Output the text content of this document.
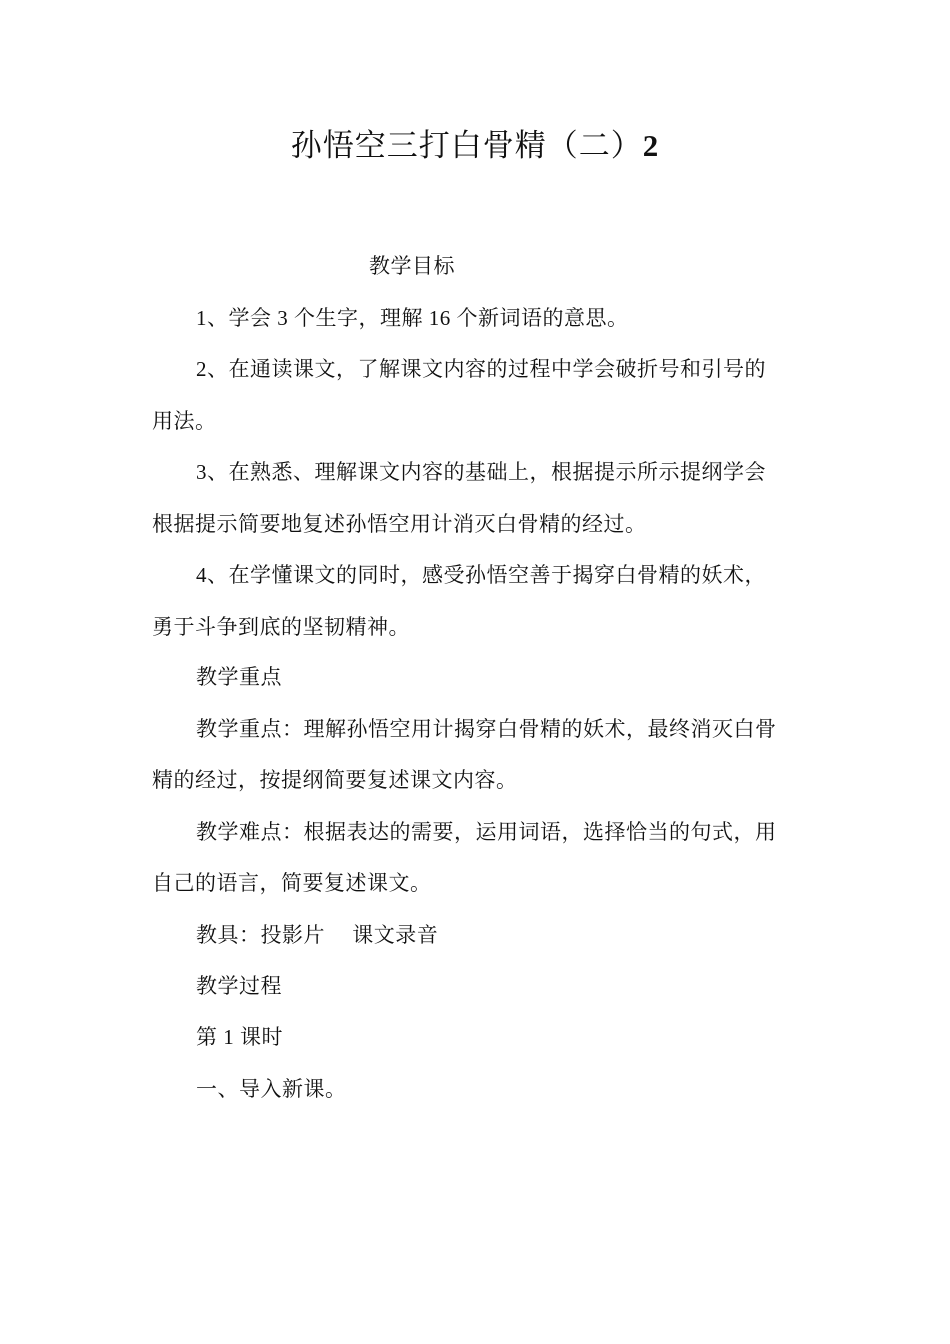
孙悟空三打白骨精（二）2
教学目标
1、学会 3 个生字，理解 16 个新词语的意思。
2、在通读课文，了解课文内容的过程中学会破折号和引号的
用法。
3、在熟悉、理解课文内容的基础上，根据提示所示提纲学会
根据提示简要地复述孙悟空用计消灭白骨精的经过。
4、在学懂课文的同时，感受孙悟空善于揭穿白骨精的妖术，
勇于斗争到底的坚韧精神。
教学重点
教学重点：理解孙悟空用计揭穿白骨精的妖术，最终消灭白骨
精的经过，按提纲简要复述课文内容。
教学难点：根据表达的需要，运用词语，选择恰当的句式，用
自己的语言，简要复述课文。
教具：投影片　 课文录音
教学过程
第 1 课时
一、导入新课。
